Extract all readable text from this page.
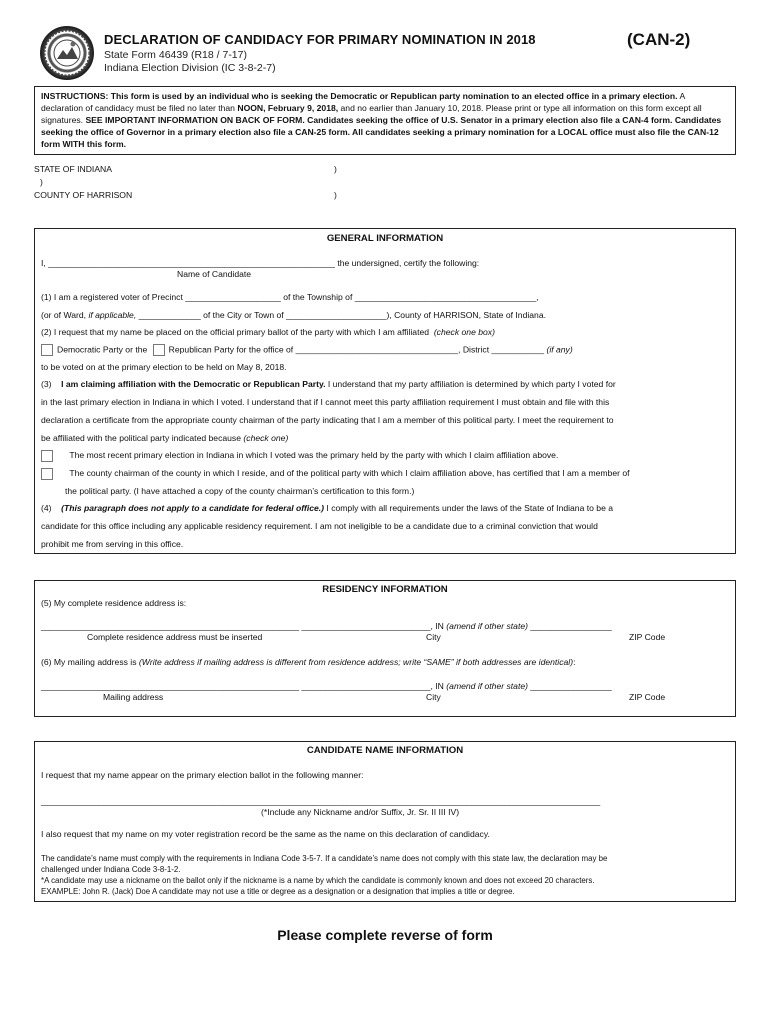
DECLARATION OF CANDIDACY FOR PRIMARY NOMINATION IN 2018	(CAN-2)
State Form 46439 (R18 / 7-17)
Indiana Election Division (IC 3-8-2-7)
INSTRUCTIONS: This form is used by an individual who is seeking the Democratic or Republican party nomination to an elected office in a primary election. A declaration of candidacy must be filed no later than NOON, February 9, 2018, and no earlier than January 10, 2018. Please print or type all information on this form except all signatures. SEE IMPORTANT INFORMATION ON BACK OF FORM. Candidates seeking the office of U.S. Senator in a primary election also file a CAN-4 form. Candidates seeking the office of Governor in a primary election also file a CAN-25 form. All candidates seeking a primary nomination for a LOCAL office must also file the CAN-12 form WITH this form.
STATE OF INDIANA	)
)
COUNTY OF HARRISON	)
GENERAL INFORMATION
I, ____________________________________________________________ the undersigned, certify the following:
Name of Candidate
(1) I am a registered voter of Precinct ____________________ of the Township of ______________________________________,
(or of Ward, if applicable, _____________ of the City or Town of _____________________), County of HARRISON, State of Indiana.
(2) I request that my name be placed on the official primary ballot of the party with which I am affiliated (check one box)
Democratic Party or the Republican Party for the office of __________________________________, District ___________ (if any)
to be voted on at the primary election to be held on May 8, 2018.
(3) I am claiming affiliation with the Democratic or Republican Party. I understand that my party affiliation is determined by which party I voted for
in the last primary election in Indiana in which I voted. I understand that if I cannot meet this party affiliation requirement I must obtain and file with this
declaration a certificate from the appropriate county chairman of the party indicating that I am a member of this political party. I meet the requirement to
be affiliated with the political party indicated because (check one)
The most recent primary election in Indiana in which I voted was the primary held by the party with which I claim affiliation above.
The county chairman of the county in which I reside, and of the political party with which I claim affiliation above, has certified that I am a member of
the political party. (I have attached a copy of the county chairman’s certification to this form.)
(4) (This paragraph does not apply to a candidate for federal office.) I comply with all requirements under the laws of the State of Indiana to be a
candidate for this office including any applicable residency requirement. I am not ineligible to be a candidate due to a criminal conviction that would
prohibit me from serving in this office.
RESIDENCY INFORMATION
(5) My complete residence address is:
______________________________________________________ ___________________________, IN (amend if other state) _________________
Complete residence address must be inserted	City	ZIP Code
(6) My mailing address is (Write address if mailing address is different from residence address; write “SAME” if both addresses are identical):
______________________________________________________ ___________________________, IN (amend if other state) _________________
Mailing address	City	ZIP Code
CANDIDATE NAME INFORMATION
I request that my name appear on the primary election ballot in the following manner:
_____________________________________________________________________________________________________________________
(*Include any Nickname and/or Suffix, Jr. Sr. II III IV)
I also request that my name on my voter registration record be the same as the name on this declaration of candidacy.
The candidate’s name must comply with the requirements in Indiana Code 3-5-7. If a candidate’s name does not comply with this state law, the declaration may be
challenged under Indiana Code 3-8-1-2.
*A candidate may use a nickname on the ballot only if the nickname is a name by which the candidate is commonly known and does not exceed 20 characters.
EXAMPLE: John R. (Jack) Doe A candidate may not use a title or degree as a designation or a designation that implies a title or degree.
Please complete reverse of form
